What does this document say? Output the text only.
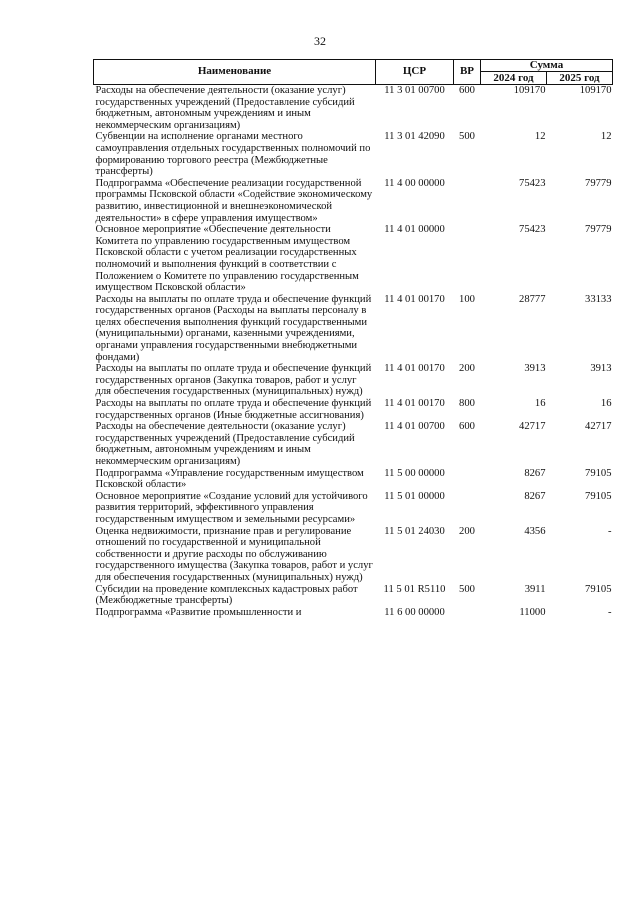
32
Наименование	ЦСР	ВР	Сумма	
			2024 год	2025 год
Расходы на обеспечение деятельности (оказание услуг) государственных учреждений (Предоставление субсидий бюджетным, автономным учреждениям и иным некоммерческим организациям)	11 3 01 00700	600	109170	109170
Субвенции на исполнение органами местного самоуправления отдельных государственных полномочий по формированию торгового реестра (Межбюджетные трансферты)	11 3 01 42090	500	12	12
Подпрограмма «Обеспечение реализации государственной программы Псковской области «Содействие экономическому развитию, инвестиционной и внешнеэкономической деятельности» в сфере управления имуществом»	11 4 00 00000		75423	79779
Основное мероприятие «Обеспечение деятельности Комитета по управлению государственным имуществом Псковской области с учетом реализации государственных полномочий и выполнения функций в соответствии с Положением о Комитете по управлению государственным имуществом Псковской области»	11 4 01 00000		75423	79779
Расходы на выплаты по оплате труда и обеспечение функций государственных органов (Расходы на выплаты персоналу в целях обеспечения выполнения функций государственными (муниципальными) органами, казенными учреждениями, органами управления государственными внебюджетными фондами)	11 4 01 00170	100	28777	33133
Расходы на выплаты по оплате труда и обеспечение функций государственных органов (Закупка товаров, работ и услуг для обеспечения государственных (муниципальных) нужд)	11 4 01 00170	200	3913	3913
Расходы на выплаты по оплате труда и обеспечение функций государственных органов (Иные бюджетные ассигнования)	11 4 01 00170	800	16	16
Расходы на обеспечение деятельности (оказание услуг) государственных учреждений (Предоставление субсидий бюджетным, автономным учреждениям и иным некоммерческим организациям)	11 4 01 00700	600	42717	42717
Подпрограмма «Управление государственным имуществом Псковской области»	11 5 00 00000		8267	79105
Основное мероприятие «Создание условий для устойчивого развития территорий, эффективного управления государственным имуществом и земельными ресурсами»	11 5 01 00000		8267	79105
Оценка недвижимости, признание прав и регулирование отношений по государственной и муниципальной собственности и другие расходы по обслуживанию государственного имущества (Закупка товаров, работ и услуг для обеспечения государственных (муниципальных) нужд)	11 5 01 24030	200	4356	-
Субсидии на проведение комплексных кадастровых работ (Межбюджетные трансферты)	11 5 01 R5110	500	3911	79105
Подпрограмма «Развитие промышленности и	11 6 00 00000		11000	-
